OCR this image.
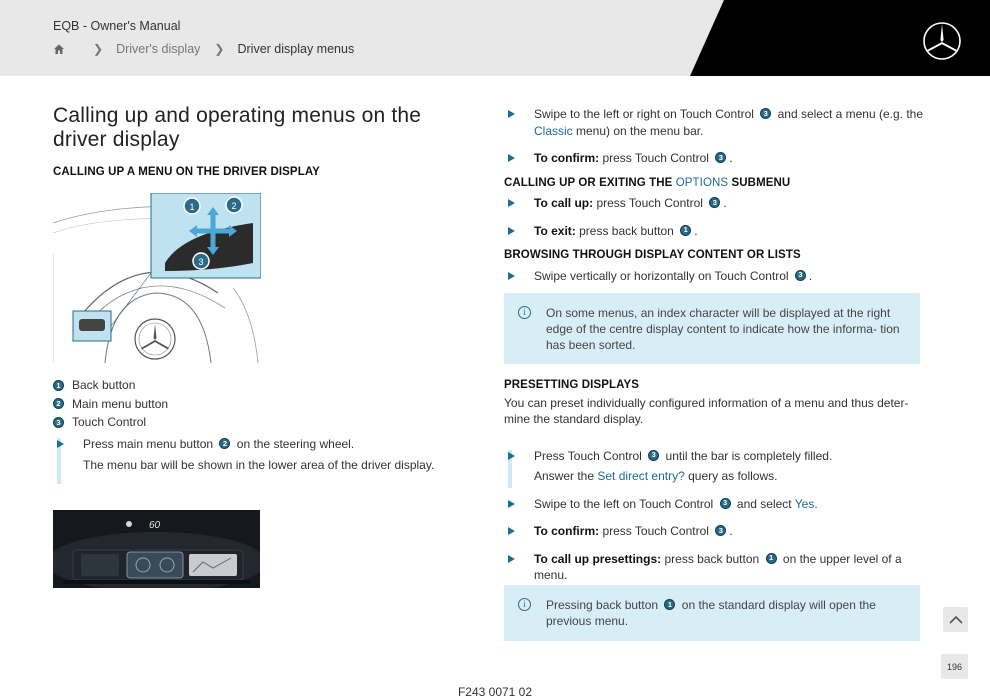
EQB - Owner's Manual
❯ Driver's display ❯ Driver display menus
Calling up and operating menus on the driver display
CALLING UP A MENU ON THE DRIVER DISPLAY
1	2
3
1 Back button
2 Main menu button
3 Touch Control
Press main menu button 2 on the steering wheel.
The menu bar will be shown in the lower area of the driver display.
60
Swipe to the left or right on Touch Control 3 and select a menu (e.g. the Classic menu) on the menu bar.
To confirm: press Touch Control 3 .
CALLING UP OR EXITING THE OPTIONS SUBMENU
To call up: press Touch Control 3 .
To exit: press back button 1 .
BROWSING THROUGH DISPLAY CONTENT OR LISTS
Swipe vertically or horizontally on Touch Control 3 .
i	On some menus, an index character will be displayed at the right edge of the centre display content to indicate how the informa- tion has been sorted.
PRESETTING DISPLAYS
You can preset individually configured information of a menu and thus deter- mine the standard display.
Press Touch Control 3 until the bar is completely filled.
Answer the Set direct entry? query as follows.
Swipe to the left on Touch Control 3 and select Yes.
To confirm: press Touch Control 3 .
To call up presettings: press back button 1 on the upper level of a menu.
i	Pressing back button 1 on the standard display will open the previous menu.
196
F243 0071 02
